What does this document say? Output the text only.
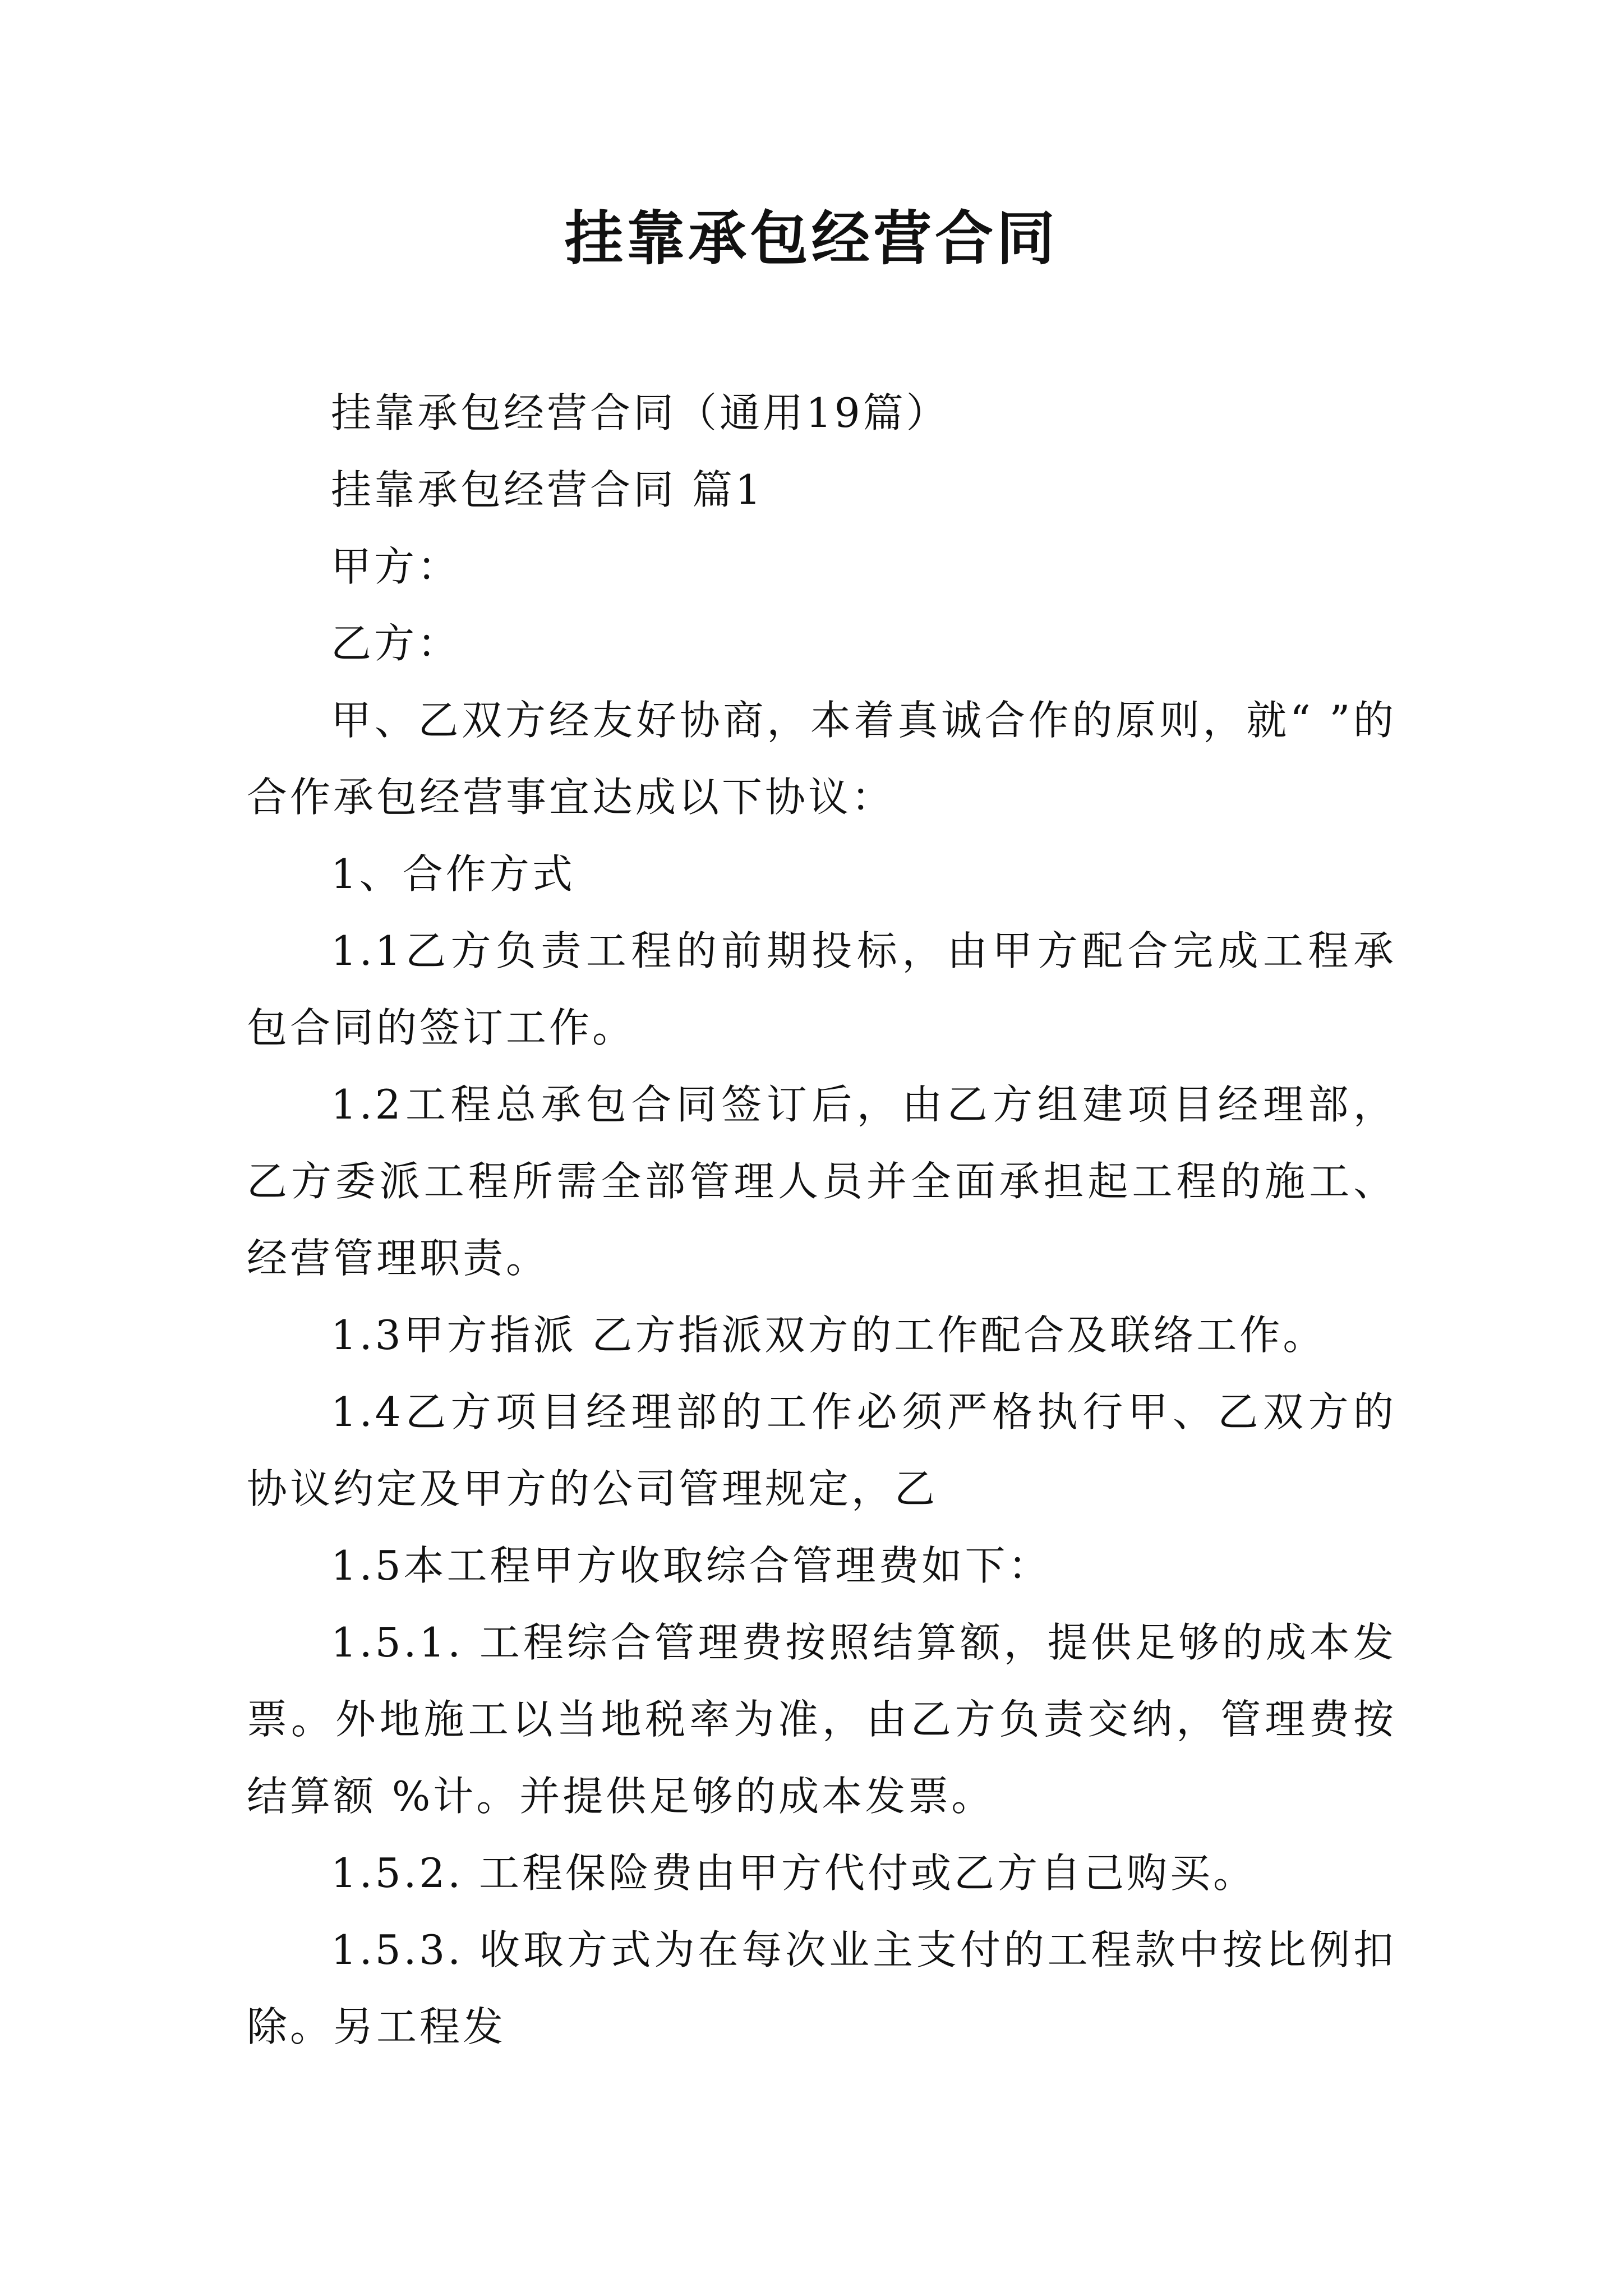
挂靠承包经营合同

挂靠承包经营合同（通用19篇）

挂靠承包经营合同 篇1

甲方：

乙方：

甲、乙双方经友好协商，本着真诚合作的原则，就“ ”的合作承包经营事宜达成以下协议：

1、合作方式

1.1乙方负责工程的前期投标，由甲方配合完成工程承包合同的签订工作。

1.2工程总承包合同签订后，由乙方组建项目经理部，乙方委派工程所需全部管理人员并全面承担起工程的施工、经营管理职责。

1.3甲方指派 乙方指派双方的工作配合及联络工作。

1.4乙方项目经理部的工作必须严格执行甲、乙双方的协议约定及甲方的公司管理规定，乙

1.5本工程甲方收取综合管理费如下：

1.5.1. 工程综合管理费按照结算额，提供足够的成本发票。外地施工以当地税率为准，由乙方负责交纳，管理费按结算额 %计。并提供足够的成本发票。

1.5.2. 工程保险费由甲方代付或乙方自己购买。

1.5.3. 收取方式为在每次业主支付的工程款中按比例扣除。另工程发
